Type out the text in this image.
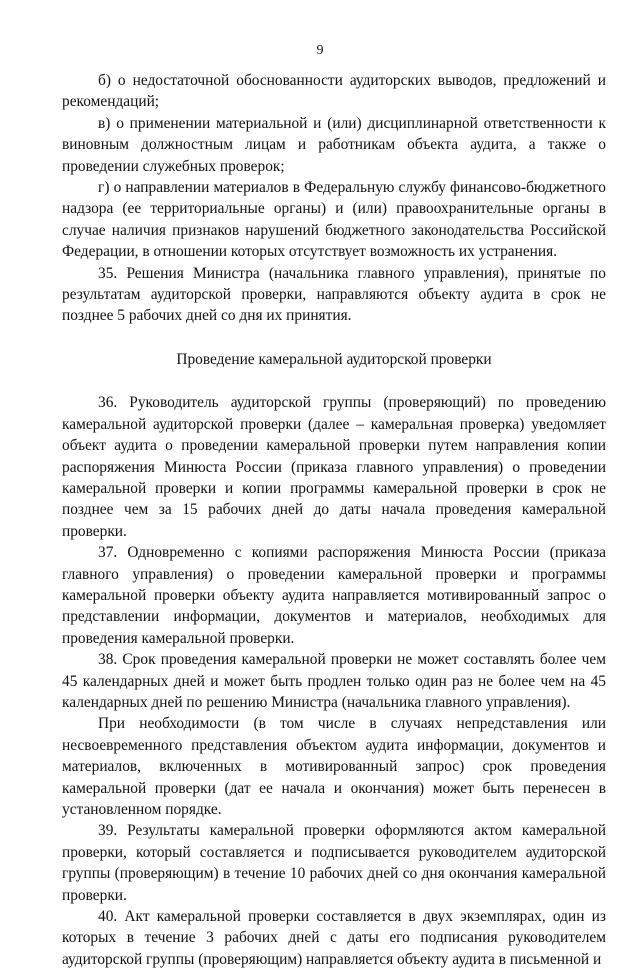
9

б) о недостаточной обоснованности аудиторских выводов, предложений и рекомендаций;

в) о применении материальной и (или) дисциплинарной ответственности к виновным должностным лицам и работникам объекта аудита, а также о проведении служебных проверок;

г) о направлении материалов в Федеральную службу финансово-бюджетного надзора (ее территориальные органы) и (или) правоохранительные органы в случае наличия признаков нарушений бюджетного законодательства Российской Федерации, в отношении которых отсутствует возможность их устранения.

35. Решения Министра (начальника главного управления), принятые по результатам аудиторской проверки, направляются объекту аудита в срок не позднее 5 рабочих дней со дня их принятия.

Проведение камеральной аудиторской проверки

36. Руководитель аудиторской группы (проверяющий) по проведению камеральной аудиторской проверки (далее – камеральная проверка) уведомляет объект аудита о проведении камеральной проверки путем направления копии распоряжения Минюста России (приказа главного управления) о проведении камеральной проверки и копии программы камеральной проверки в срок не позднее чем за 15 рабочих дней до даты начала проведения камеральной проверки.

37. Одновременно с копиями распоряжения Минюста России (приказа главного управления) о проведении камеральной проверки и программы камеральной проверки объекту аудита направляется мотивированный запрос о представлении информации, документов и материалов, необходимых для проведения камеральной проверки.

38. Срок проведения камеральной проверки не может составлять более чем 45 календарных дней и может быть продлен только один раз не более чем на 45 календарных дней по решению Министра (начальника главного управления).

При необходимости (в том числе в случаях непредставления или несвоевременного представления объектом аудита информации, документов и материалов, включенных в мотивированный запрос) срок проведения камеральной проверки (дат ее начала и окончания) может быть перенесен в установленном порядке.

39. Результаты камеральной проверки оформляются актом камеральной проверки, который составляется и подписывается руководителем аудиторской группы (проверяющим) в течение 10 рабочих дней со дня окончания камеральной проверки.

40. Акт камеральной проверки составляется в двух экземплярах, один из которых в течение 3 рабочих дней с даты его подписания руководителем аудиторской группы (проверяющим) направляется объекту аудита в письменной и
